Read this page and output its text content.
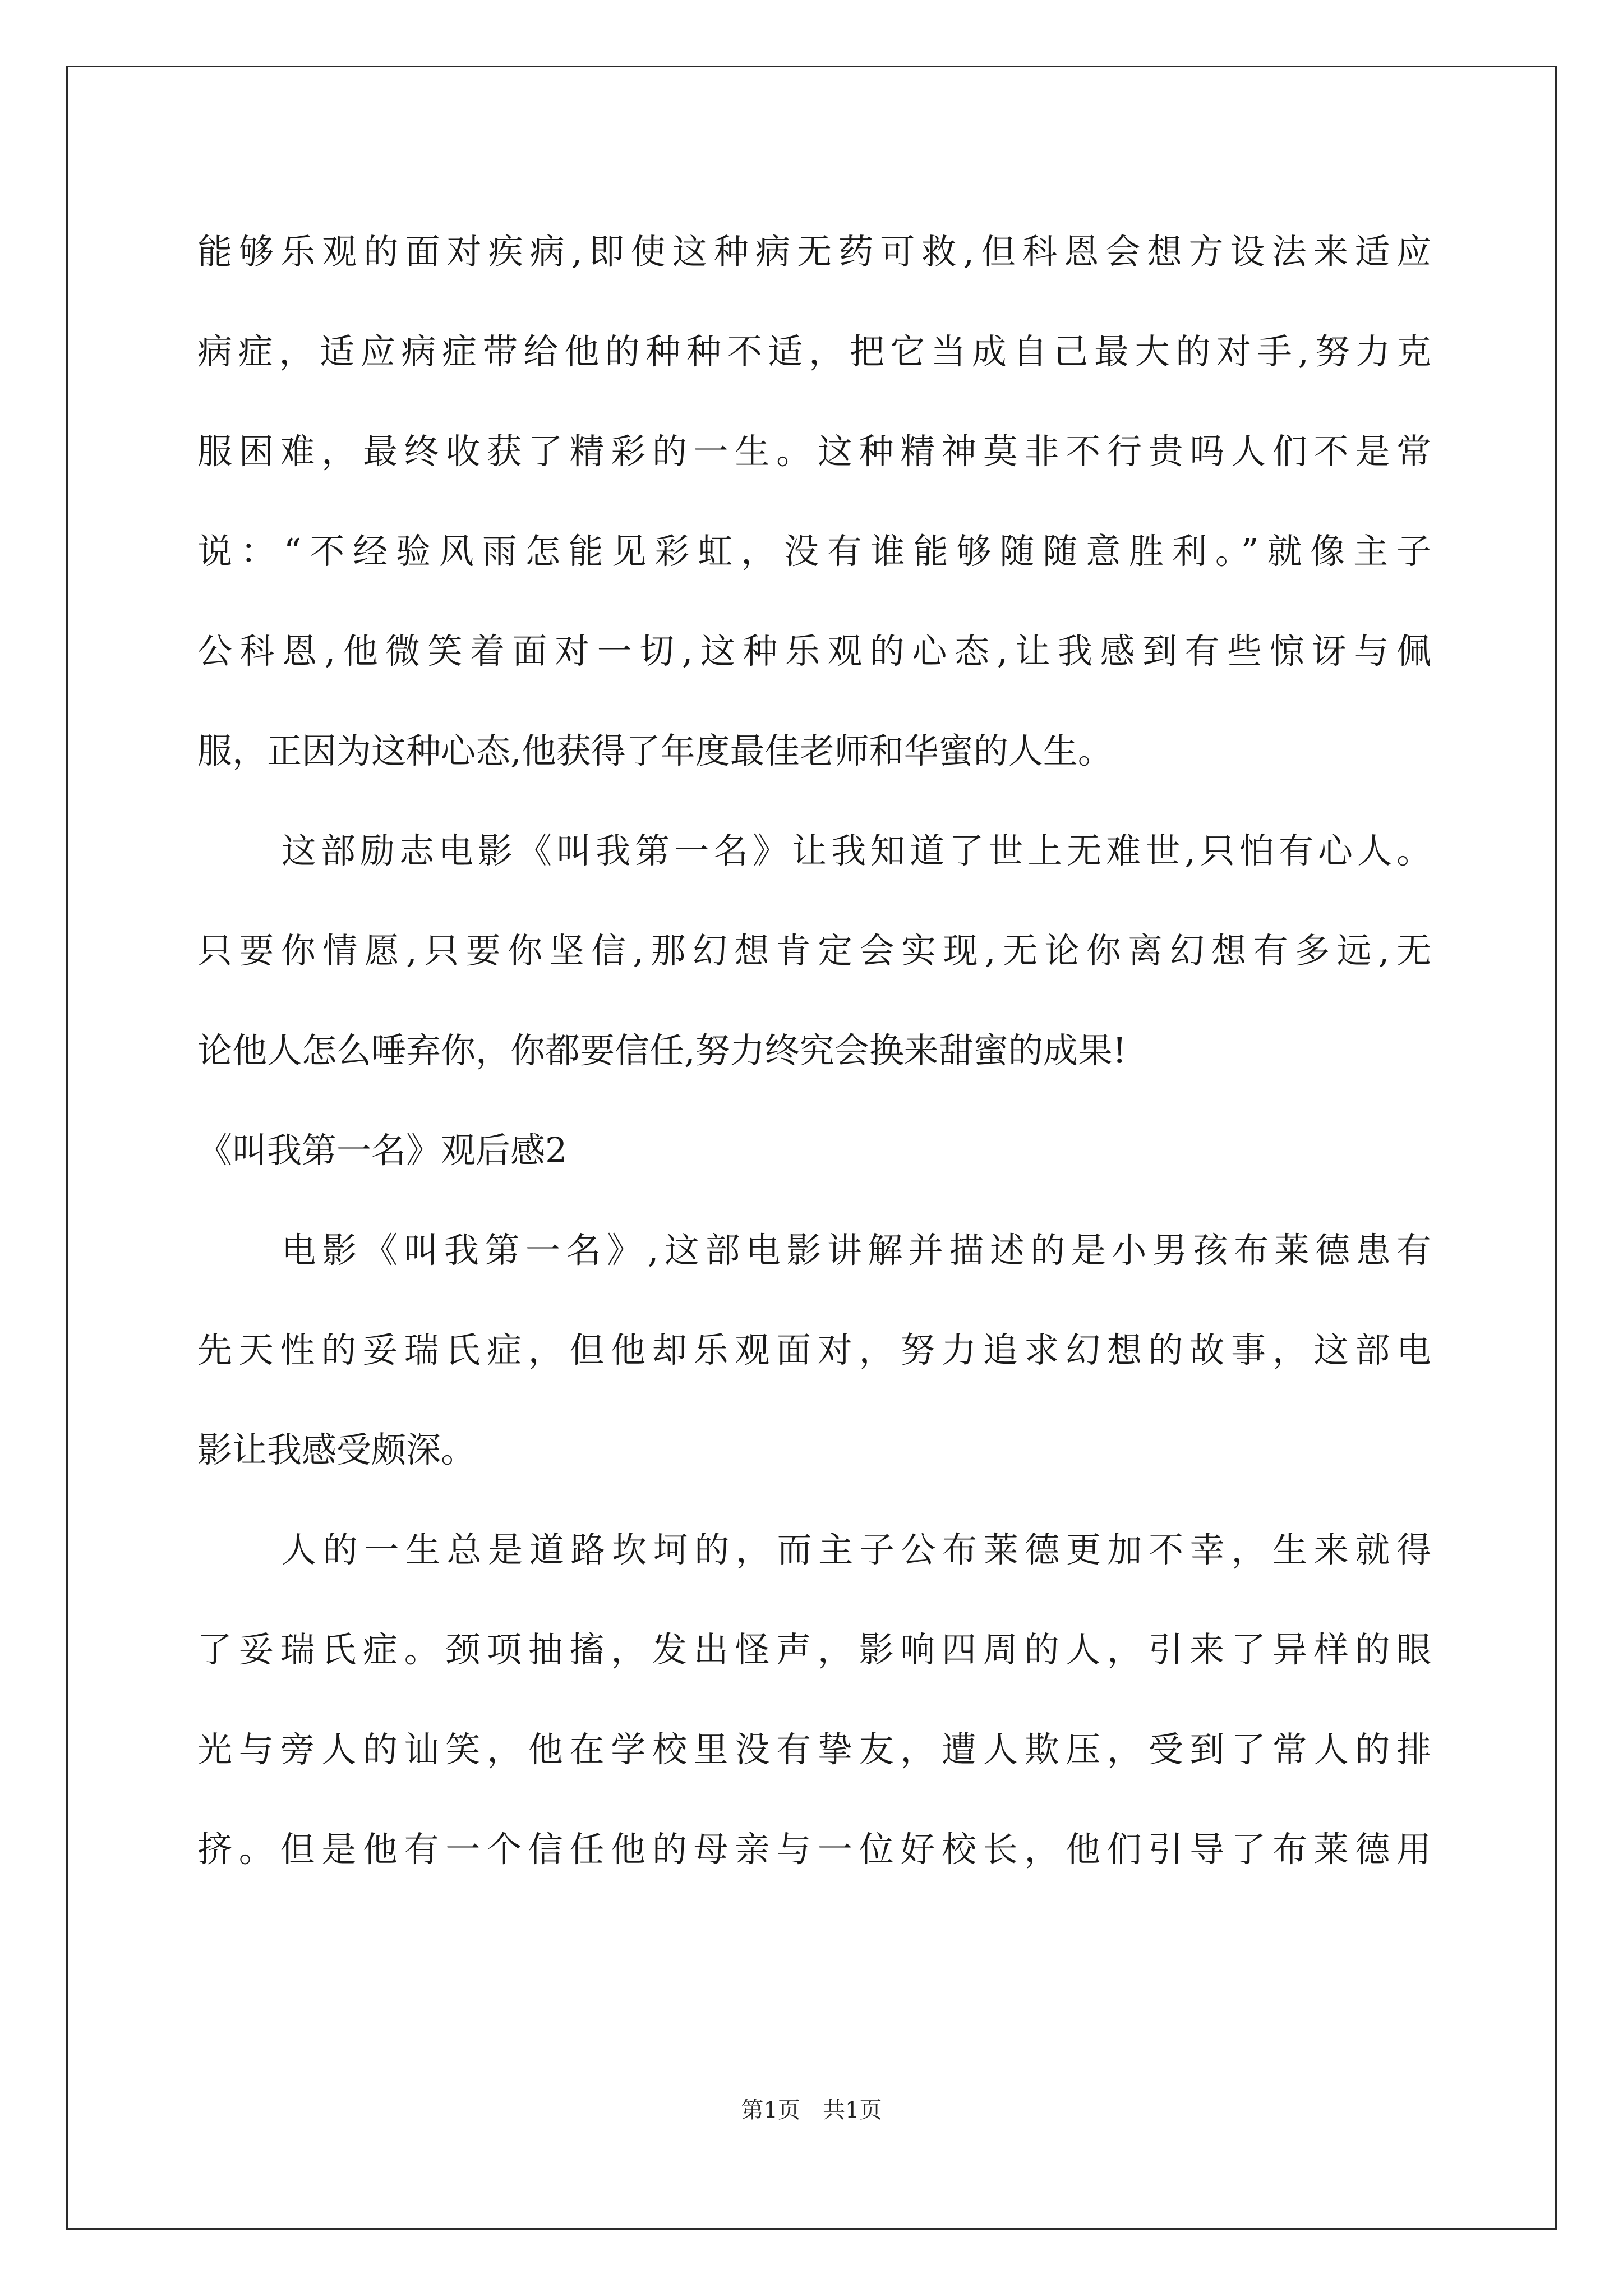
能够乐观的面对疾病,即使这种病无药可救,但科恩会想方设法来适应
病症，适应病症带给他的种种不适，把它当成自己最大的对手,努力克
服困难，最终收获了精彩的一生。这种精神莫非不行贵吗人们不是常
说：“不经验风雨怎能见彩虹，没有谁能够随随意胜利。”就像主子
公科恩,他微笑着面对一切,这种乐观的心态,让我感到有些惊讶与佩
服，正因为这种心态,他获得了年度最佳老师和华蜜的人生。
这部励志电影《叫我第一名》让我知道了世上无难世,只怕有心人。
只要你情愿,只要你坚信,那幻想肯定会实现,无论你离幻想有多远,无
论他人怎么唾弃你，你都要信任,努力终究会换来甜蜜的成果!
《叫我第一名》观后感2
电影《叫我第一名》,这部电影讲解并描述的是小男孩布莱德患有
先天性的妥瑞氏症，但他却乐观面对，努力追求幻想的故事，这部电
影让我感受颇深。
人的一生总是道路坎坷的，而主子公布莱德更加不幸，生来就得
了妥瑞氏症。颈项抽搐，发出怪声，影响四周的人，引来了异样的眼
光与旁人的讪笑，他在学校里没有挚友，遭人欺压，受到了常人的排
挤。但是他有一个信任他的母亲与一位好校长，他们引导了布莱德用
第1页 共1页
